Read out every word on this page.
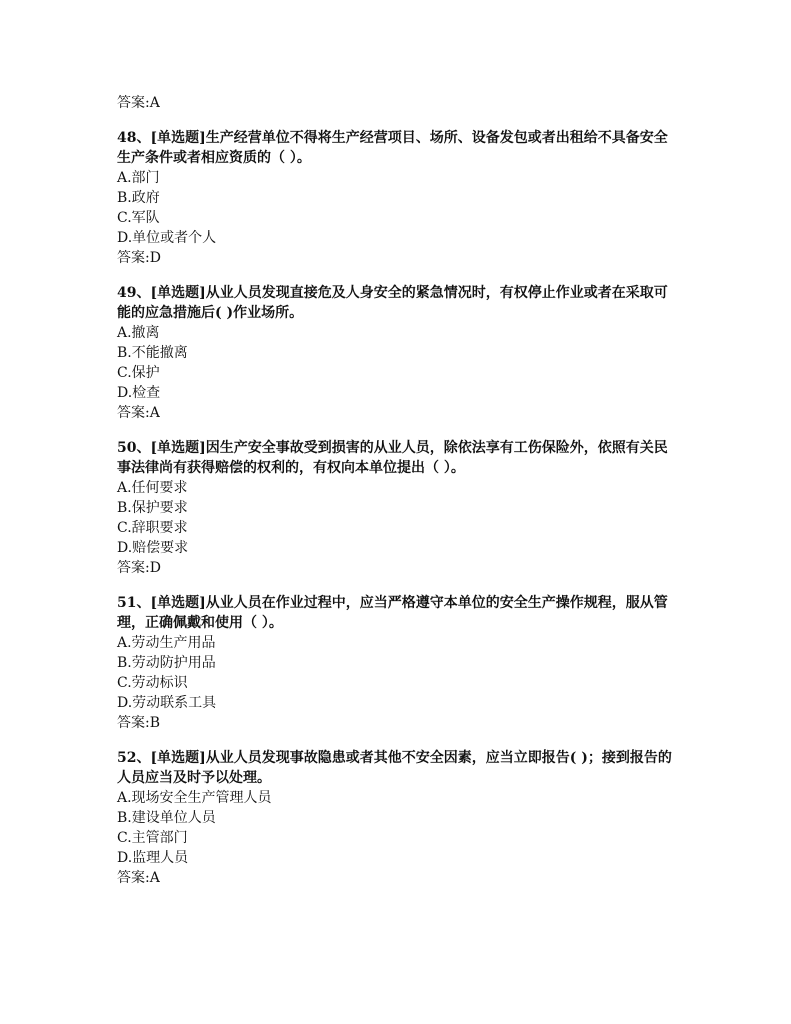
答案:A
48、[单选题]生产经营单位不得将生产经营项目、场所、设备发包或者出租给不具备安全生产条件或者相应资质的（ ）。
A.部门
B.政府
C.军队
D.单位或者个人
答案:D
49、[单选题]从业人员发现直接危及人身安全的紧急情况时，有权停止作业或者在采取可能的应急措施后( )作业场所。
A.撤离
B.不能撤离
C.保护
D.检查
答案:A
50、[单选题]因生产安全事故受到损害的从业人员，除依法享有工伤保险外，依照有关民事法律尚有获得赔偿的权利的，有权向本单位提出（ ）。
A.任何要求
B.保护要求
C.辞职要求
D.赔偿要求
答案:D
51、[单选题]从业人员在作业过程中，应当严格遵守本单位的安全生产操作规程，服从管理，正确佩戴和使用（ ）。
A.劳动生产用品
B.劳动防护用品
C.劳动标识
D.劳动联系工具
答案:B
52、[单选题]从业人员发现事故隐患或者其他不安全因素，应当立即报告( )；接到报告的人员应当及时予以处理。
A.现场安全生产管理人员
B.建设单位人员
C.主管部门
D.监理人员
答案:A
